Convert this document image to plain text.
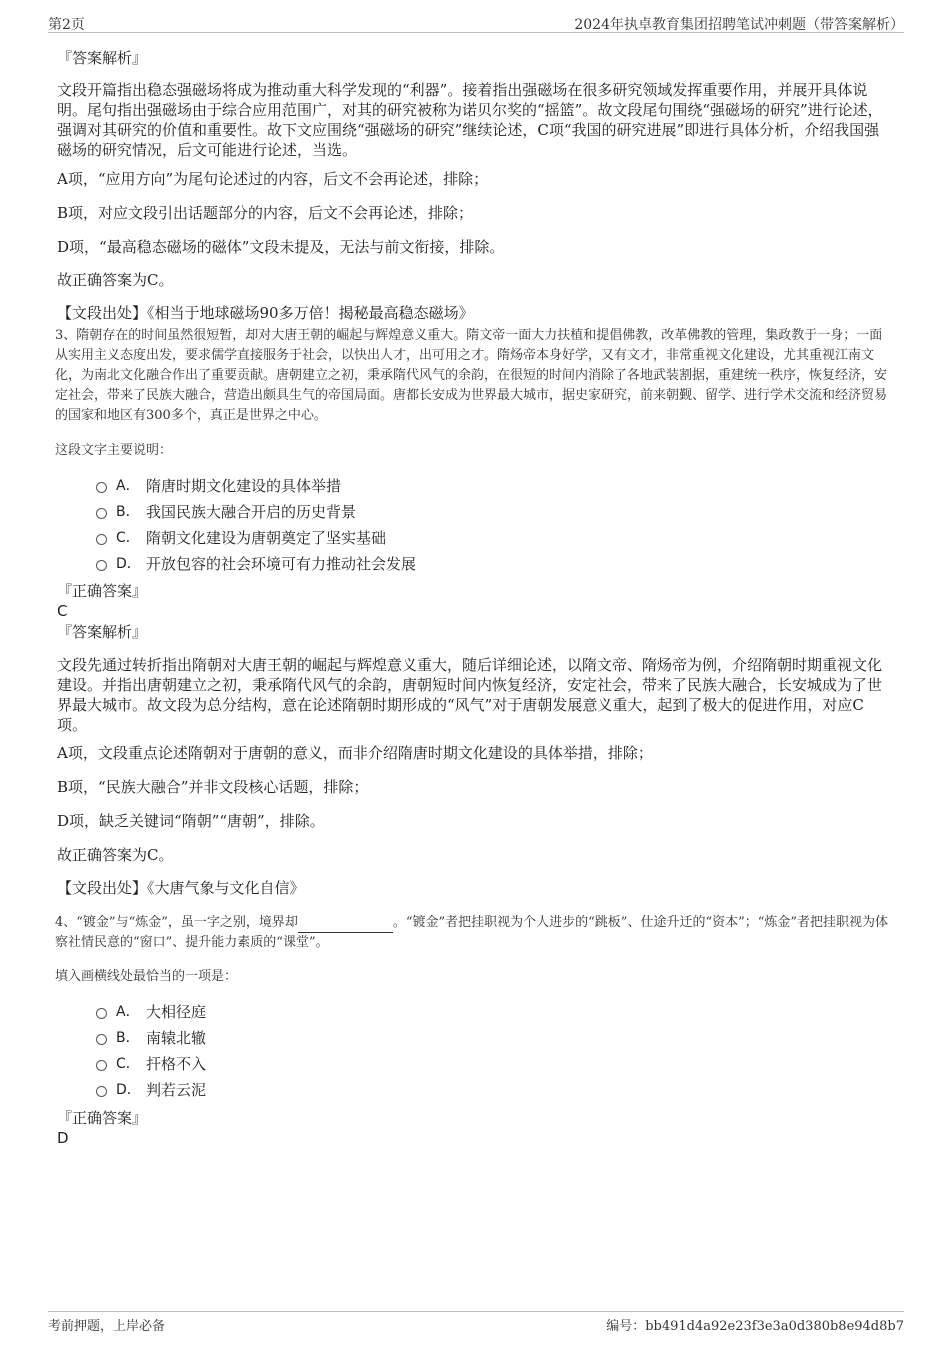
第2页	2024年执卓教育集团招聘笔试冲刺题（带答案解析）
『答案解析』
文段开篇指出稳态强磁场将成为推动重大科学发现的“利器”。接着指出强磁场在很多研究领域发挥重要作用，并展开具体说明。尾句指出强磁场由于综合应用范围广，对其的研究被称为诺贝尔奖的“摇篮”。故文段尾句围绕“强磁场的研究”进行论述，强调对其研究的价值和重要性。故下文应围绕“强磁场的研究”继续论述，C项“我国的研究进展”即进行具体分析，介绍我国强磁场的研究情况，后文可能进行论述，当选。
A项，“应用方向”为尾句论述过的内容，后文不会再论述，排除；
B项，对应文段引出话题部分的内容，后文不会再论述，排除；
D项，“最高稳态磁场的磁体”文段未提及，无法与前文衔接，排除。
故正确答案为C。
【文段出处】《相当于地球磁场90多万倍！揭秘最高稳态磁场》
3、隋朝存在的时间虽然很短暂，却对大唐王朝的崛起与辉煌意义重大。隋文帝一面大力扶植和提倡佛教，改革佛教的管理，集政教于一身；一面从实用主义态度出发，要求儒学直接服务于社会，以快出人才，出可用之才。隋炀帝本身好学，又有文才，非常重视文化建设，尤其重视江南文化，为南北文化融合作出了重要贡献。唐朝建立之初，秉承隋代风气的余韵，在很短的时间内消除了各地武装割据，重建统一秩序，恢复经济，安定社会，带来了民族大融合，营造出颇具生气的帝国局面。唐都长安成为世界最大城市，据史家研究，前来朝觐、留学、进行学术交流和经济贸易的国家和地区有300多个，真正是世界之中心。
这段文字主要说明：
A． 隋唐时期文化建设的具体举措
B． 我国民族大融合开启的历史背景
C． 隋朝文化建设为唐朝奠定了坚实基础
D． 开放包容的社会环境可有力推动社会发展
『正确答案』
C
『答案解析』
文段先通过转折指出隋朝对大唐王朝的崛起与辉煌意义重大，随后详细论述，以隋文帝、隋炀帝为例，介绍隋朝时期重视文化建设。并指出唐朝建立之初，秉承隋代风气的余韵，唐朝短时间内恢复经济，安定社会，带来了民族大融合，长安城成为了世界最大城市。故文段为总分结构，意在论述隋朝时期形成的“风气”对于唐朝发展意义重大，起到了极大的促进作用，对应C项。
A项，文段重点论述隋朝对于唐朝的意义，而非介绍隋唐时期文化建设的具体举措，排除；
B项，“民族大融合”并非文段核心话题，排除；
D项，缺乏关键词“隋朝”“唐朝”，排除。
故正确答案为C。
【文段出处】《大唐气象与文化自信》
4、“镀金”与“炼金”，虽一字之别，境界却	。“镀金”者把挂职视为个人进步的“跳板”、仕途升迁的“资本”；“炼金”者把挂职视为体察社情民意的“窗口”、提升能力素质的“课堂”。
填入画横线处最恰当的一项是：
A． 大相径庭
B． 南辕北辙
C． 扞格不入
D． 判若云泥
『正确答案』
D
考前押题，上岸必备	编号：bb491d4a92e23f3e3a0d380b8e94d8b7
